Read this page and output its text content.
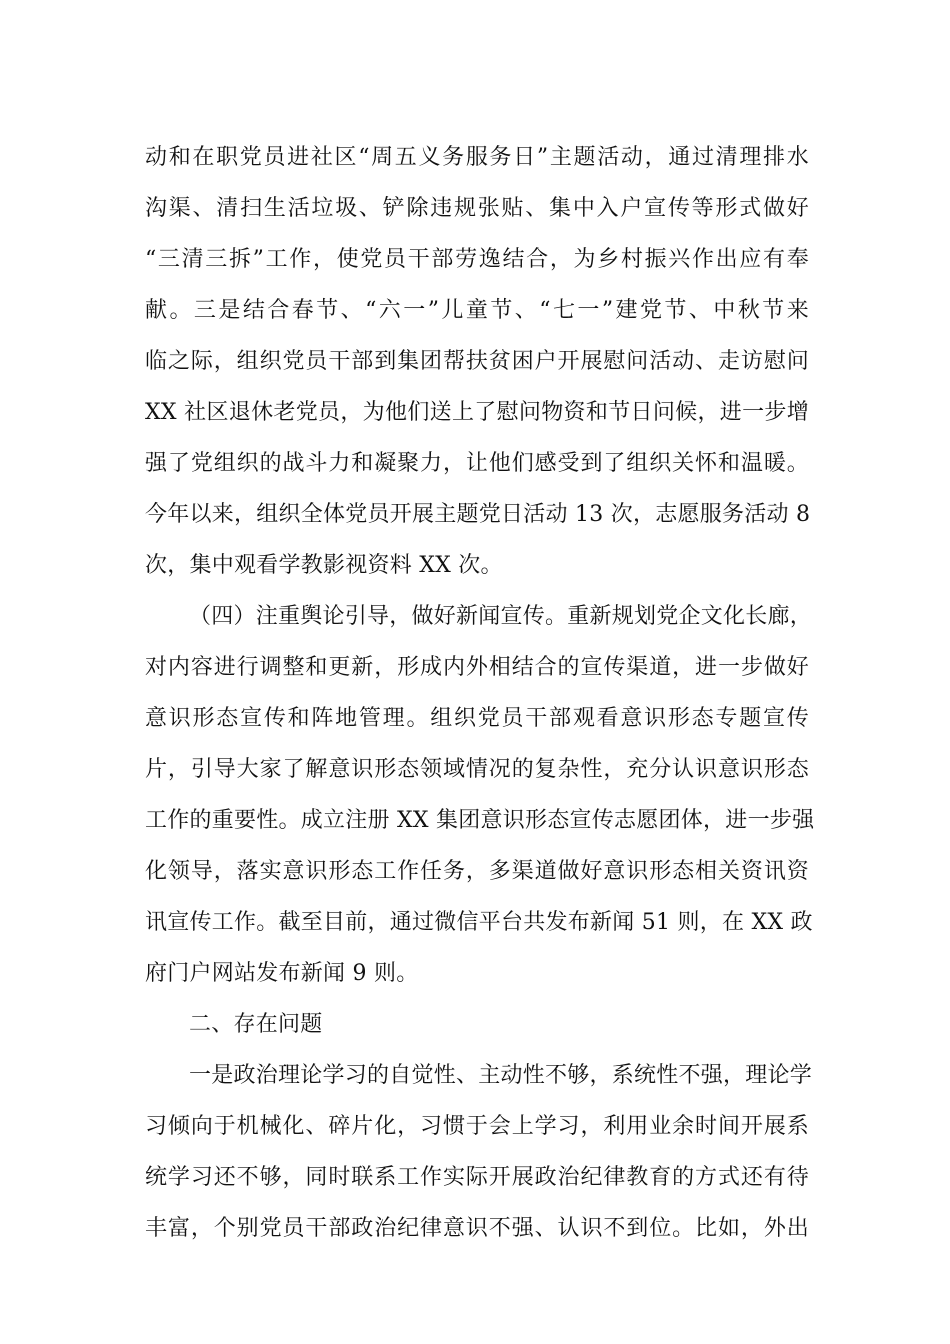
动和在职党员进社区“周五义务服务日”主题活动，通过清理排水
沟渠、清扫生活垃圾、铲除违规张贴、集中入户宣传等形式做好
“三清三拆”工作，使党员干部劳逸结合，为乡村振兴作出应有奉
献。三是结合春节、“六一”儿童节、“七一”建党节、中秋节来
临之际，组织党员干部到集团帮扶贫困户开展慰问活动、走访慰问
XX 社区退休老党员，为他们送上了慰问物资和节日问候，进一步增
强了党组织的战斗力和凝聚力，让他们感受到了组织关怀和温暖。
今年以来，组织全体党员开展主题党日活动 13 次，志愿服务活动 8
次，集中观看学教影视资料 XX 次。
（四）注重舆论引导，做好新闻宣传。重新规划党企文化长廊，
对内容进行调整和更新，形成内外相结合的宣传渠道，进一步做好
意识形态宣传和阵地管理。组织党员干部观看意识形态专题宣传
片，引导大家了解意识形态领域情况的复杂性，充分认识意识形态
工作的重要性。成立注册 XX 集团意识形态宣传志愿团体，进一步强
化领导，落实意识形态工作任务，多渠道做好意识形态相关资讯资
讯宣传工作。截至目前，通过微信平台共发布新闻 51 则，在 XX 政
府门户网站发布新闻 9 则。
二、存在问题
一是政治理论学习的自觉性、主动性不够，系统性不强，理论学
习倾向于机械化、碎片化，习惯于会上学习，利用业余时间开展系
统学习还不够，同时联系工作实际开展政治纪律教育的方式还有待
丰富，个别党员干部政治纪律意识不强、认识不到位。比如，外出
